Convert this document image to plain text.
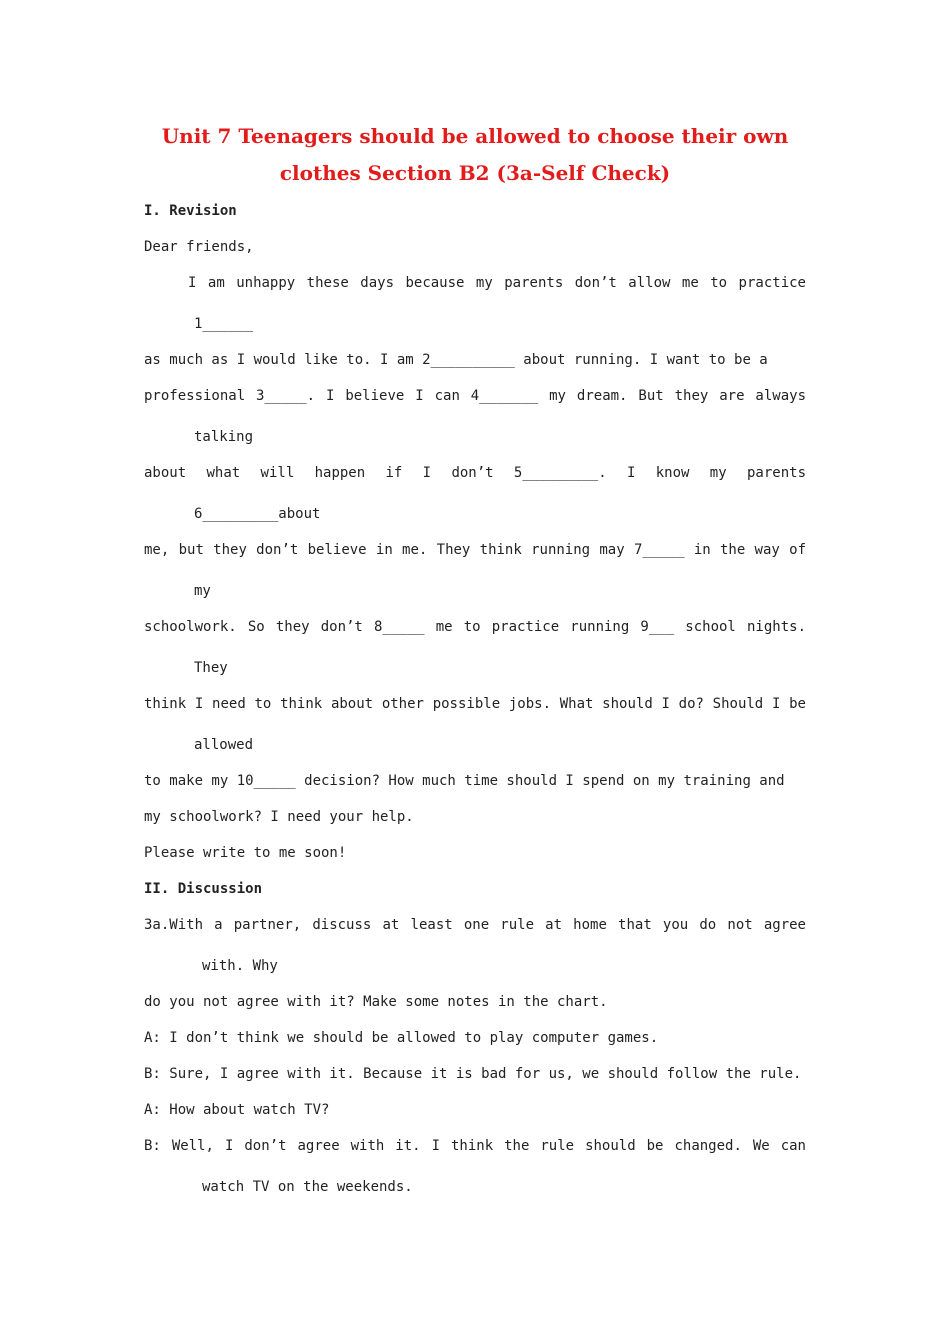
Unit 7 Teenagers should be allowed to choose their own
clothes Section B2 (3a-Self Check)
I. Revision
Dear friends,
I am unhappy these days because my parents don’t allow me to practice
1______
as much as I would like to. I am 2__________ about running. I want to be a
professional 3_____. I believe I can 4_______ my dream. But they are always
talking
about what will happen if I don’t 5_________. I know my parents
6_________about
me, but they don’t believe in me. They think running may 7_____ in the way of
my
schoolwork. So they don’t 8_____ me to practice running 9___ school nights.
They
think I need to think about other possible jobs. What should I do? Should I be
allowed
to make my 10_____ decision? How much time should I spend on my training and
my schoolwork? I need your help.
Please write to me soon!
II. Discussion
3a.With a partner, discuss at least one rule at home that you do not agree
with. Why
do you not agree with it? Make some notes in the chart.
A: I don’t think we should be allowed to play computer games.
B: Sure, I agree with it. Because it is bad for us, we should follow the rule.
A: How about watch TV?
B: Well, I don’t agree with it. I think the rule should be changed. We can
watch TV on the weekends.
